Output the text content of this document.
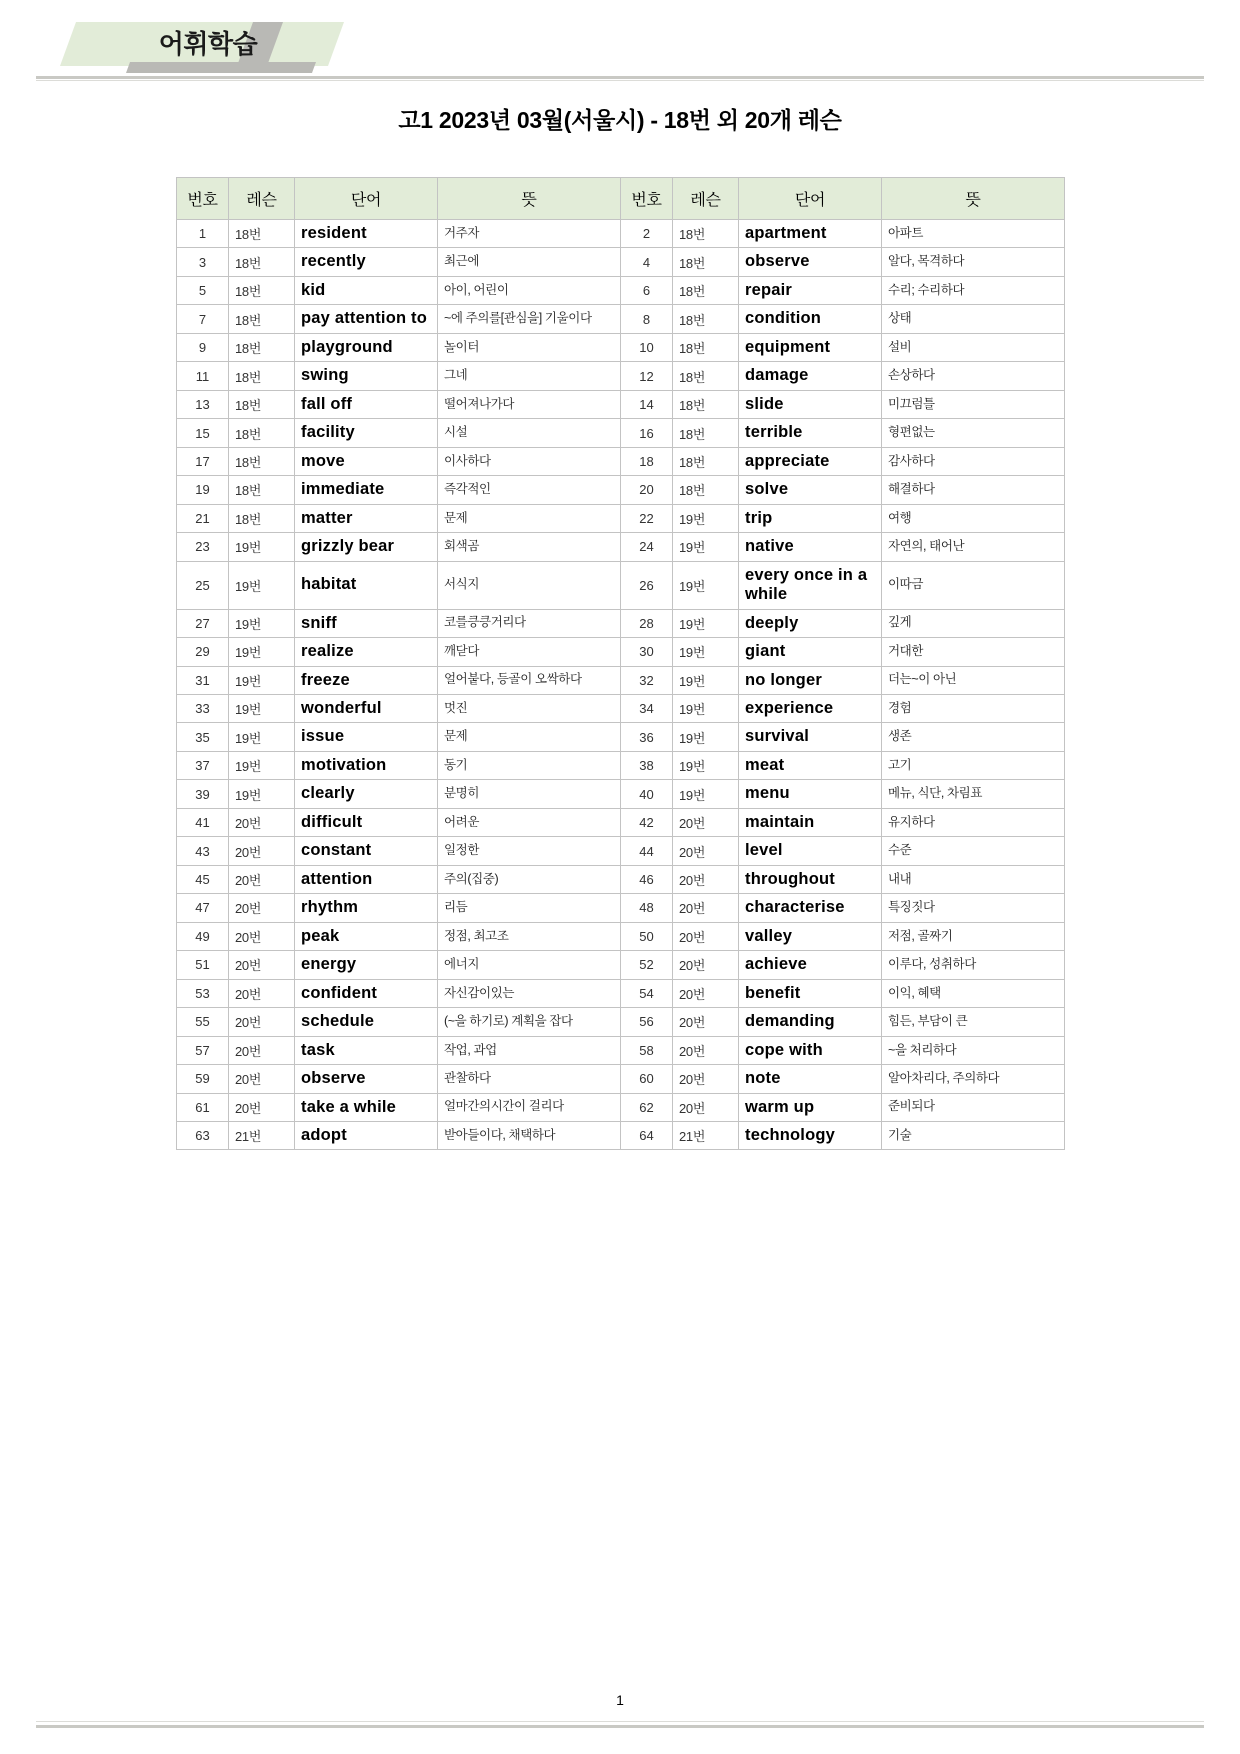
어휘학습
고1 2023년 03월(서울시) - 18번 외 20개 레슨
번호	레슨	단어	뜻	번호	레슨	단어	뜻
1	18번	resident	거주자	2	18번	apartment	아파트
3	18번	recently	최근에	4	18번	observe	알다, 목격하다
5	18번	kid	아이, 어린이	6	18번	repair	수리; 수리하다
7	18번	pay attention to	~에 주의를[관심을] 기울이다	8	18번	condition	상태
9	18번	playground	놀이터	10	18번	equipment	설비
11	18번	swing	그네	12	18번	damage	손상하다
13	18번	fall off	떨어져나가다	14	18번	slide	미끄럼틀
15	18번	facility	시설	16	18번	terrible	형편없는
17	18번	move	이사하다	18	18번	appreciate	감사하다
19	18번	immediate	즉각적인	20	18번	solve	해결하다
21	18번	matter	문제	22	19번	trip	여행
23	19번	grizzly bear	회색곰	24	19번	native	자연의, 태어난
25	19번	habitat	서식지	26	19번	every once in a while	이따금
27	19번	sniff	코를킁킁거리다	28	19번	deeply	깊게
29	19번	realize	깨닫다	30	19번	giant	거대한
31	19번	freeze	얼어붙다, 등골이 오싹하다	32	19번	no longer	더는~이 아닌
33	19번	wonderful	멋진	34	19번	experience	경험
35	19번	issue	문제	36	19번	survival	생존
37	19번	motivation	동기	38	19번	meat	고기
39	19번	clearly	분명히	40	19번	menu	메뉴, 식단, 차림표
41	20번	difficult	어려운	42	20번	maintain	유지하다
43	20번	constant	일정한	44	20번	level	수준
45	20번	attention	주의(집중)	46	20번	throughout	내내
47	20번	rhythm	리듬	48	20번	characterise	특징짓다
49	20번	peak	정점, 최고조	50	20번	valley	저점, 골짜기
51	20번	energy	에너지	52	20번	achieve	이루다, 성취하다
53	20번	confident	자신감이있는	54	20번	benefit	이익, 혜택
55	20번	schedule	(~을 하기로) 계획을 잡다	56	20번	demanding	힘든, 부담이 큰
57	20번	task	작업, 과업	58	20번	cope with	~을 처리하다
59	20번	observe	관찰하다	60	20번	note	알아차리다, 주의하다
61	20번	take a while	얼마간의시간이 걸리다	62	20번	warm up	준비되다
63	21번	adopt	받아들이다, 채택하다	64	21번	technology	기술
1
